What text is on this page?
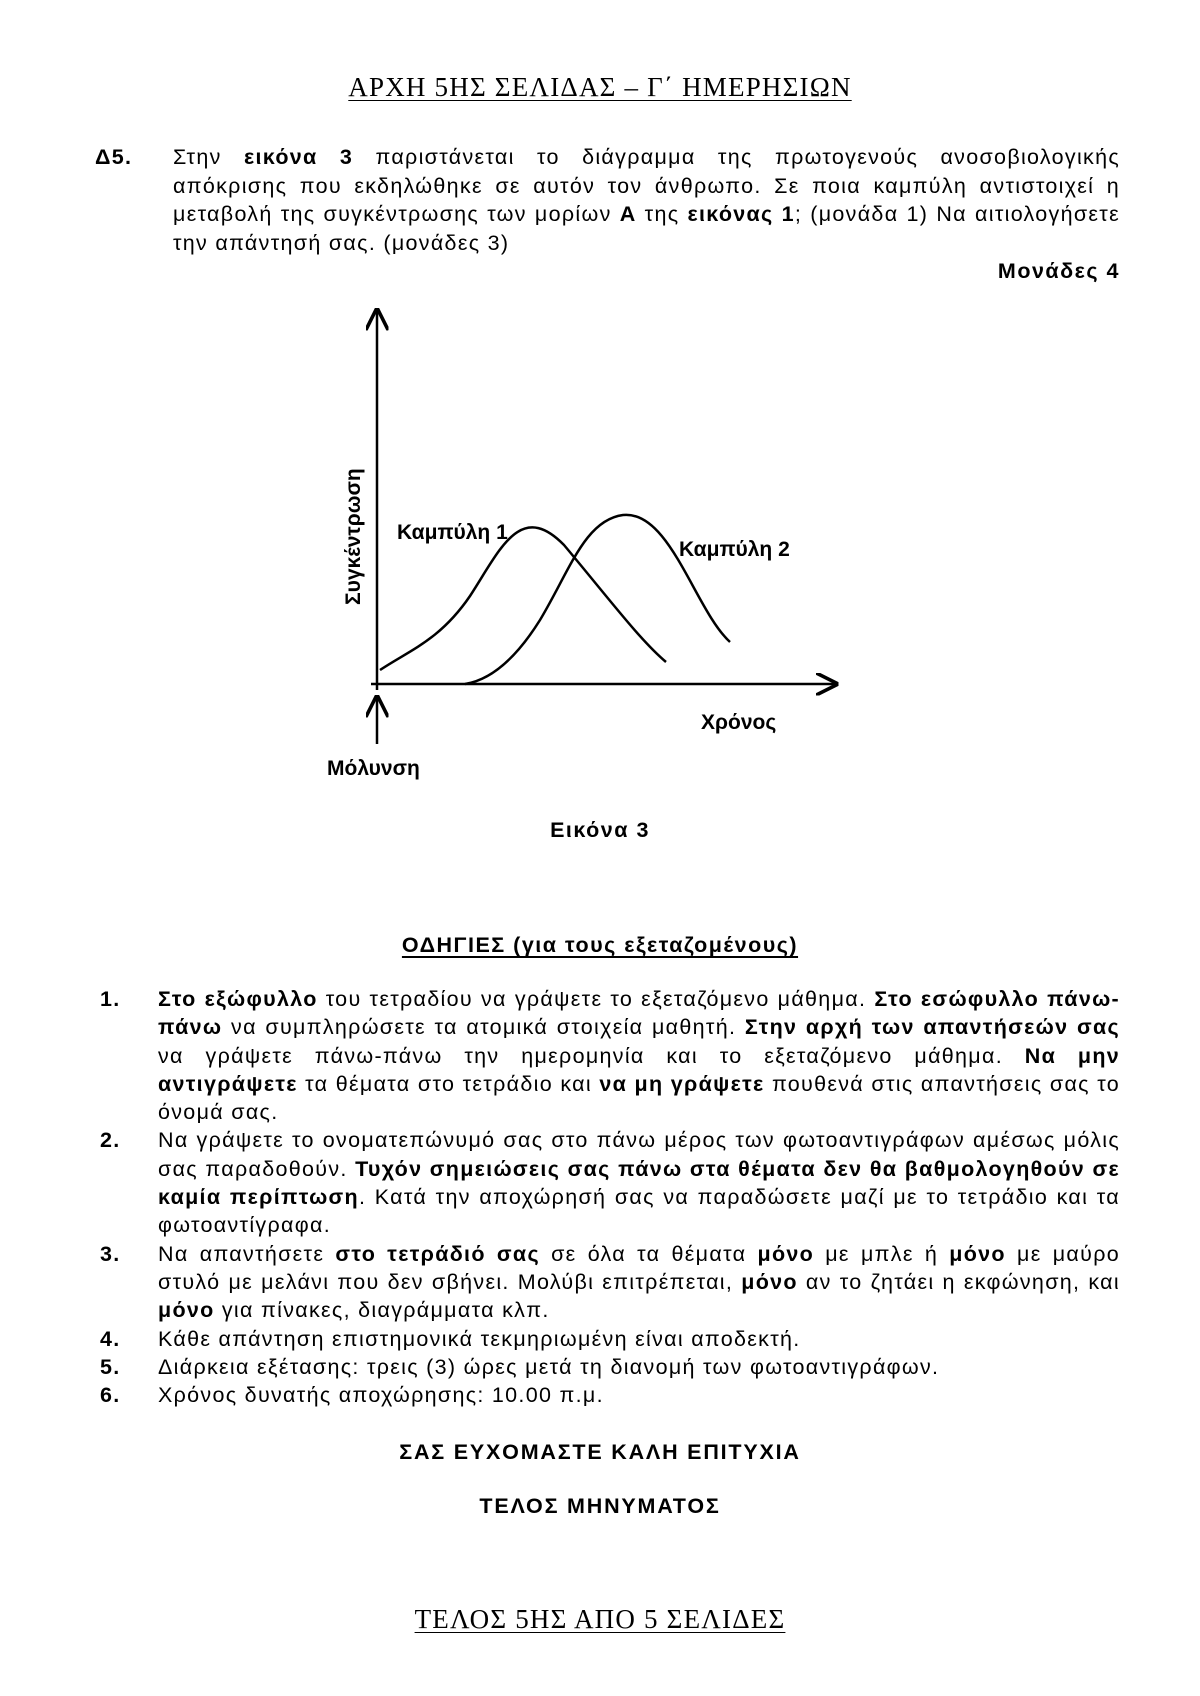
ΑΡΧΗ 5ΗΣ ΣΕΛΙΔΑΣ – Γ΄ ΗΜΕΡΗΣΙΩΝ
Δ5. Στην εικόνα 3 παριστάνεται το διάγραμμα της πρωτογενούς ανοσοβιολογικής απόκρισης που εκδηλώθηκε σε αυτόν τον άνθρωπο. Σε ποια καμπύλη αντιστοιχεί η μεταβολή της συγκέντρωσης των μορίων Α της εικόνας 1; (μονάδα 1) Να αιτιολογήσετε την απάντησή σας. (μονάδες 3)
Μονάδες 4
Συγκέντρωση Καμπύλη 1
Καμπύλη 2
Χρόνος
Μόλυνση
Εικόνα 3
ΟΔΗΓΙΕΣ (για τους εξεταζομένους)
1. Στο εξώφυλλο του τετραδίου να γράψετε το εξεταζόμενο μάθημα. Στο εσώφυλλο πάνω-πάνω να συμπληρώσετε τα ατομικά στοιχεία μαθητή. Στην αρχή των απαντήσεών σας να γράψετε πάνω-πάνω την ημερομηνία και το εξεταζόμενο μάθημα. Να μην αντιγράψετε τα θέματα στο τετράδιο και να μη γράψετε πουθενά στις απαντήσεις σας το όνομά σας.
2. Να γράψετε το ονοματεπώνυμό σας στο πάνω μέρος των φωτοαντιγράφων αμέσως μόλις σας παραδοθούν. Τυχόν σημειώσεις σας πάνω στα θέματα δεν θα βαθμολογηθούν σε καμία περίπτωση. Κατά την αποχώρησή σας να παραδώσετε μαζί με το τετράδιο και τα φωτοαντίγραφα.
3. Να απαντήσετε στο τετράδιό σας σε όλα τα θέματα μόνο με μπλε ή μόνο με μαύρο στυλό με μελάνι που δεν σβήνει. Μολύβι επιτρέπεται, μόνο αν το ζητάει η εκφώνηση, και μόνο για πίνακες, διαγράμματα κλπ.
4. Κάθε απάντηση επιστημονικά τεκμηριωμένη είναι αποδεκτή.
5. Διάρκεια εξέτασης: τρεις (3) ώρες μετά τη διανομή των φωτοαντιγράφων.
6. Χρόνος δυνατής αποχώρησης: 10.00 π.μ.
ΣΑΣ ΕΥΧΟΜΑΣΤΕ ΚΑΛΗ ΕΠΙΤΥΧΙΑ
ΤΕΛΟΣ ΜΗΝΥΜΑΤΟΣ
ΤΕΛΟΣ 5ΗΣ ΑΠΟ 5 ΣΕΛΙΔΕΣ
